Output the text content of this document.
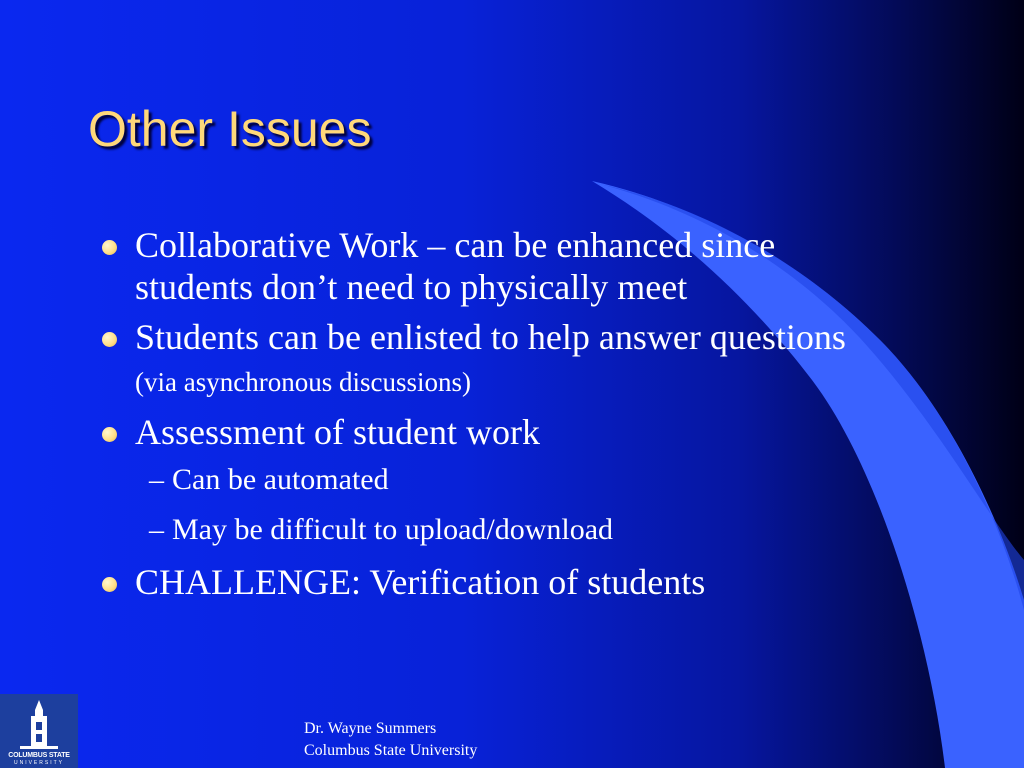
Other Issues
Collaborative Work – can be enhanced since students don’t need to physically meet
Students can be enlisted to help answer questions (via asynchronous discussions)
Assessment of student work
– Can be automated
– May be difficult to upload/download
CHALLENGE: Verification of students
COLUMBUS STATE
UNIVERSITY
Dr. Wayne Summers
Columbus State University
